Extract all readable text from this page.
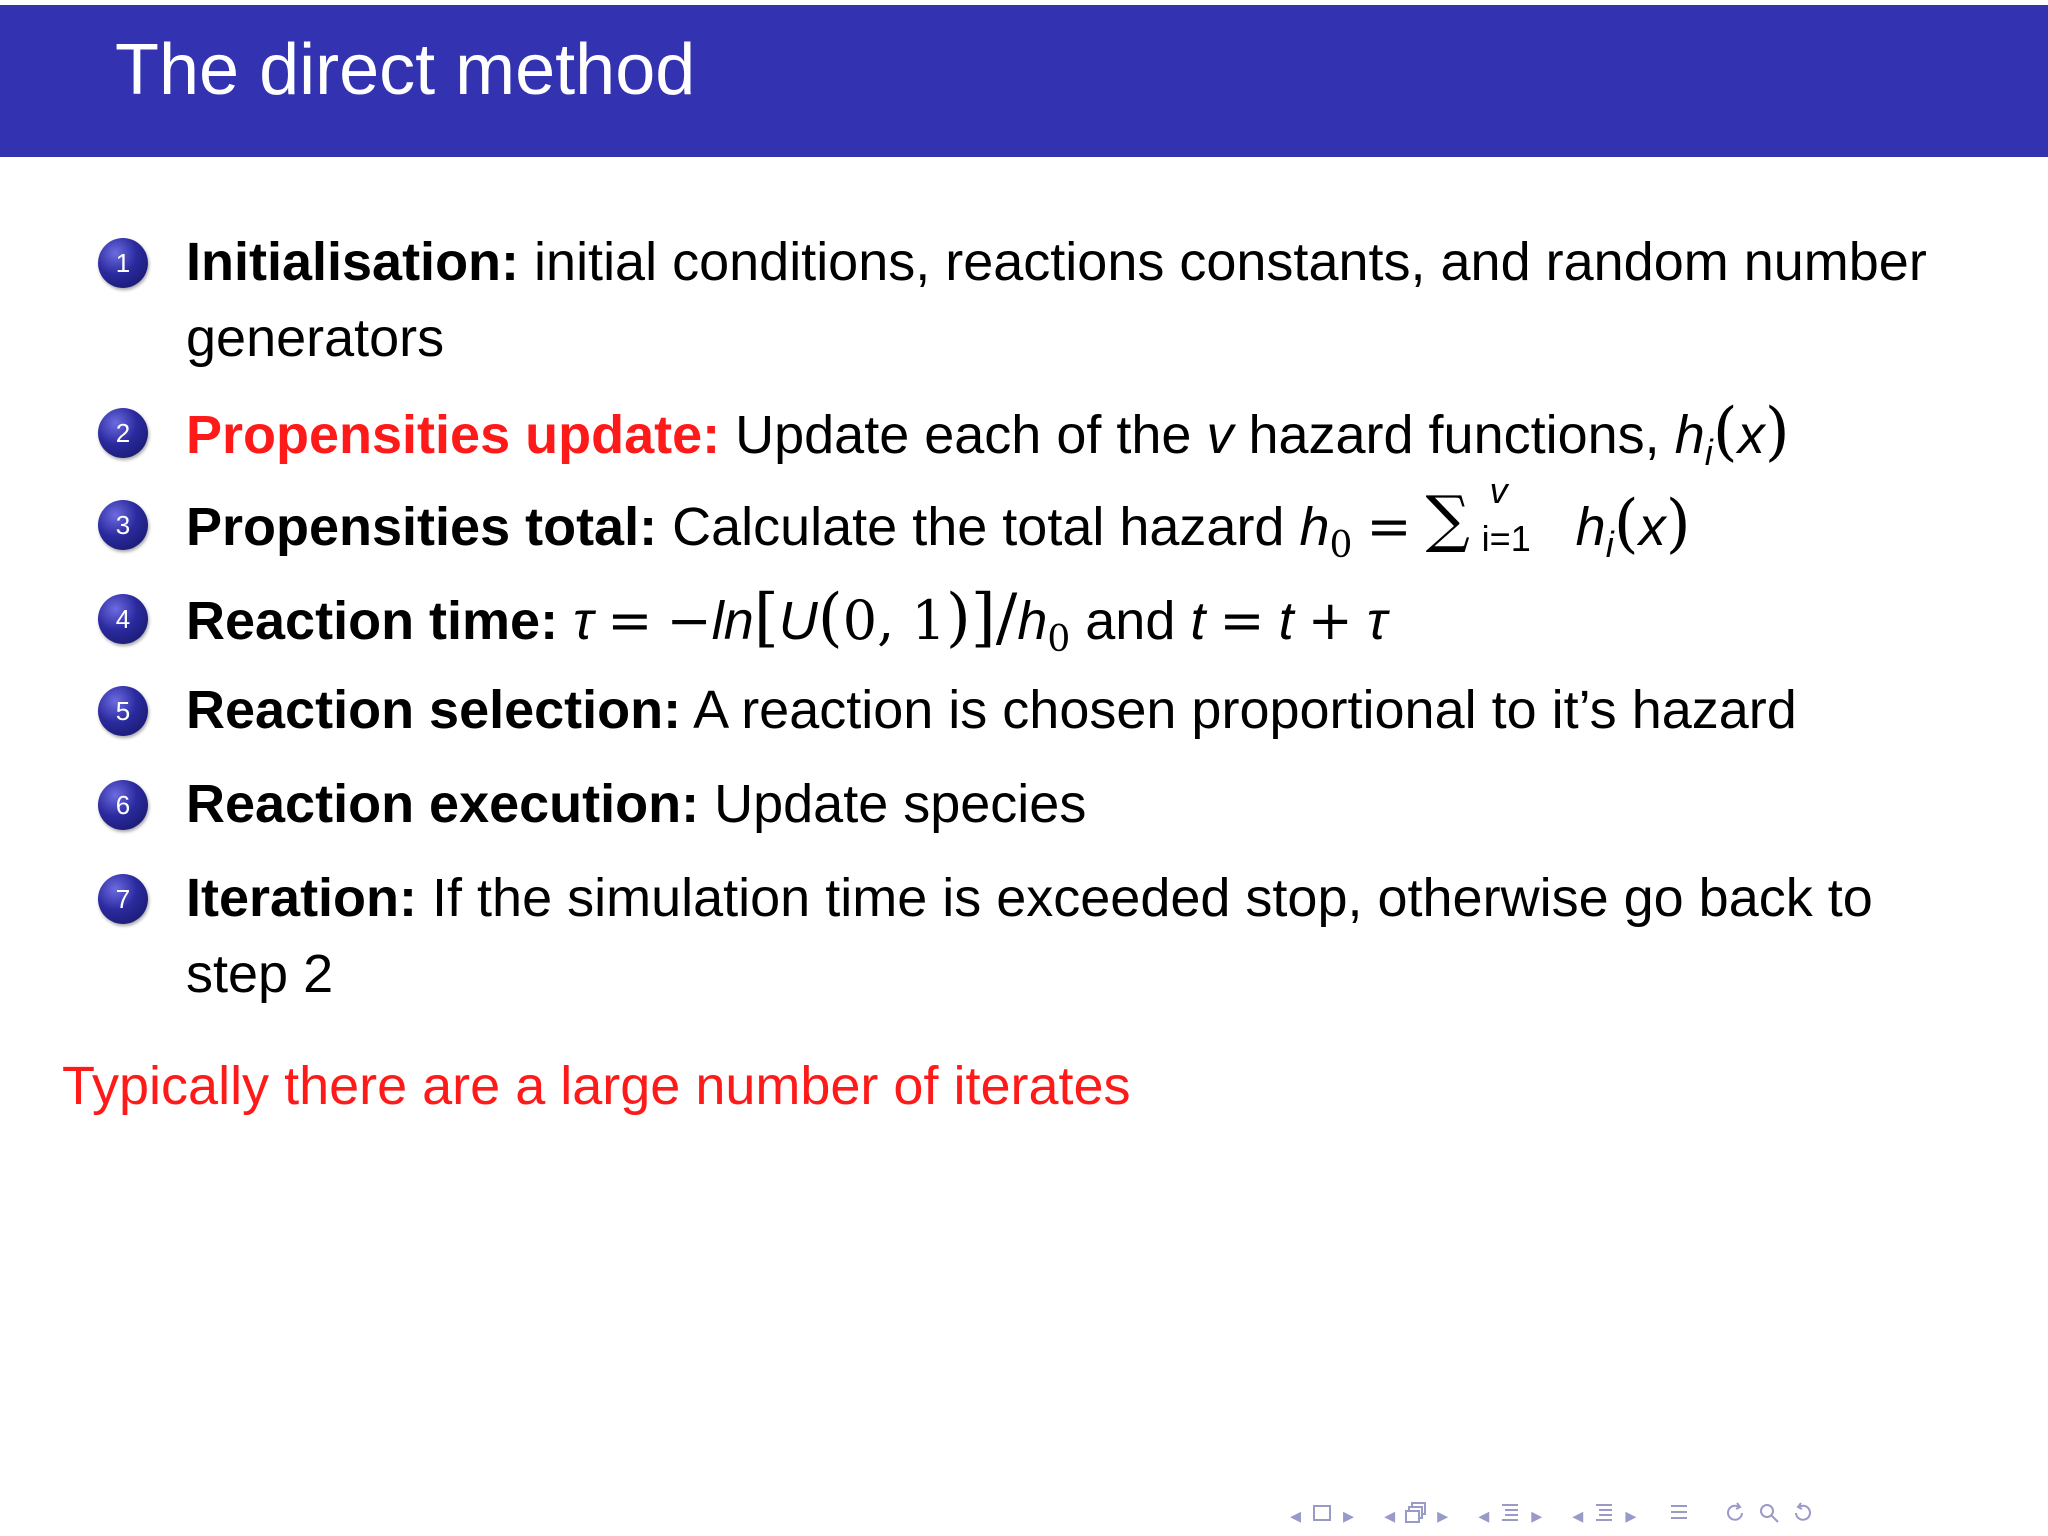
The direct method
1	Initialisation: initial conditions, reactions constants, and random number
generators
2	Propensities update: Update each of the v hazard functions, $h_i(x)$
3	Propensities total: Calculate the total hazard $h_0$ = ∑ v
i=1 $h_i(x)$
4	Reaction time: τ = −ln[U(0, $1)]/h_0$ and t = t + τ
5	Reaction selection: A reaction is chosen proportional to it’s hazard
6	Reaction execution: Update species
7	Iteration: If the simulation time is exceeded stop, otherwise go back to
step 2
Typically there are a large number of iterates
◂ ▸ ◂ ▸ ◂ ▸ ◂ ▸
